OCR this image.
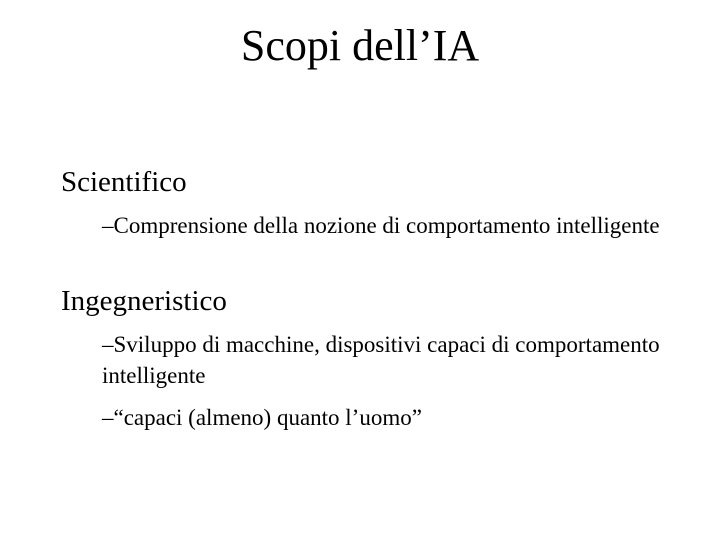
Scopi dell’IA
Scientifico
–Comprensione della nozione di comportamento intelligente
Ingegneristico
–Sviluppo di macchine, dispositivi capaci di comportamento intelligente
–“capaci (almeno) quanto l’uomo”
